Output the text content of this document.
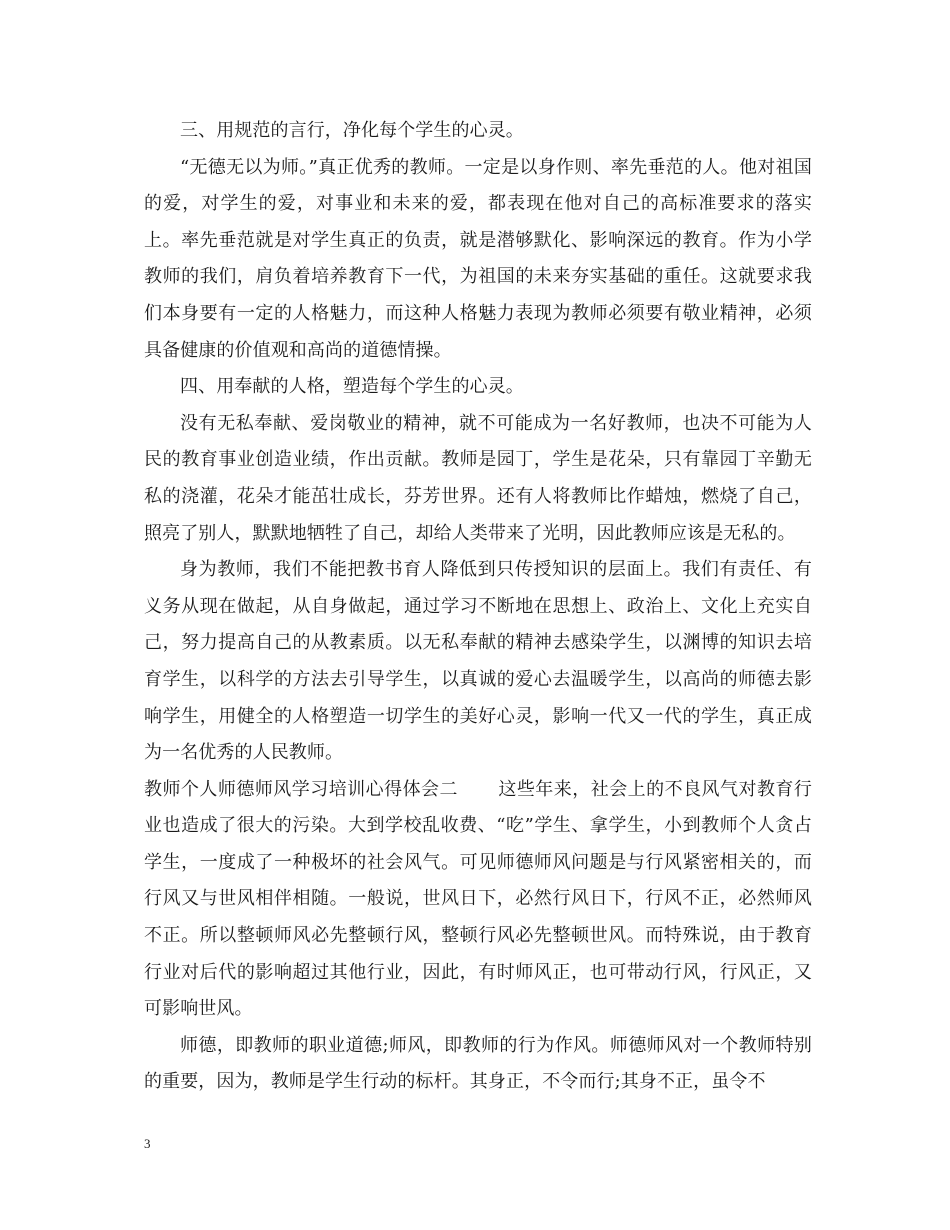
三、用规范的言行，净化每个学生的心灵。

“无德无以为师。”真正优秀的教师。一定是以身作则、率先垂范的人。他对祖国的爱，对学生的爱，对事业和未来的爱，都表现在他对自己的高标准要求的落实上。率先垂范就是对学生真正的负责，就是潜够默化、影响深远的教育。作为小学教师的我们，肩负着培养教育下一代，为祖国的未来夯实基础的重任。这就要求我们本身要有一定的人格魅力，而这种人格魅力表现为教师必须要有敬业精神，必须具备健康的价值观和高尚的道德情操。

四、用奉献的人格，塑造每个学生的心灵。

没有无私奉献、爱岗敬业的精神，就不可能成为一名好教师，也决不可能为人民的教育事业创造业绩，作出贡献。教师是园丁，学生是花朵，只有靠园丁辛勤无私的浇灌，花朵才能茁壮成长，芬芳世界。还有人将教师比作蜡烛，燃烧了自己，照亮了别人，默默地牺牲了自己，却给人类带来了光明，因此教师应该是无私的。

身为教师，我们不能把教书育人降低到只传授知识的层面上。我们有责任、有义务从现在做起，从自身做起，通过学习不断地在思想上、政治上、文化上充实自己，努力提高自己的从教素质。以无私奉献的精神去感染学生，以渊博的知识去培育学生，以科学的方法去引导学生，以真诚的爱心去温暖学生，以高尚的师德去影响学生，用健全的人格塑造一切学生的美好心灵，影响一代又一代的学生，真正成为一名优秀的人民教师。

教师个人师德师风学习培训心得体会二 这些年来，社会上的不良风气对教育行业也造成了很大的污染。大到学校乱收费、“吃”学生、拿学生，小到教师个人贪占学生，一度成了一种极坏的社会风气。可见师德师风问题是与行风紧密相关的，而行风又与世风相伴相随。一般说，世风日下，必然行风日下，行风不正，必然师风不正。所以整顿师风必先整顿行风，整顿行风必先整顿世风。而特殊说，由于教育行业对后代的影响超过其他行业，因此，有时师风正，也可带动行风，行风正，又可影响世风。

师德，即教师的职业道德;师风，即教师的行为作风。师德师风对一个教师特别的重要，因为，教师是学生行动的标杆。其身正，不令而行;其身不正，虽令不

3
